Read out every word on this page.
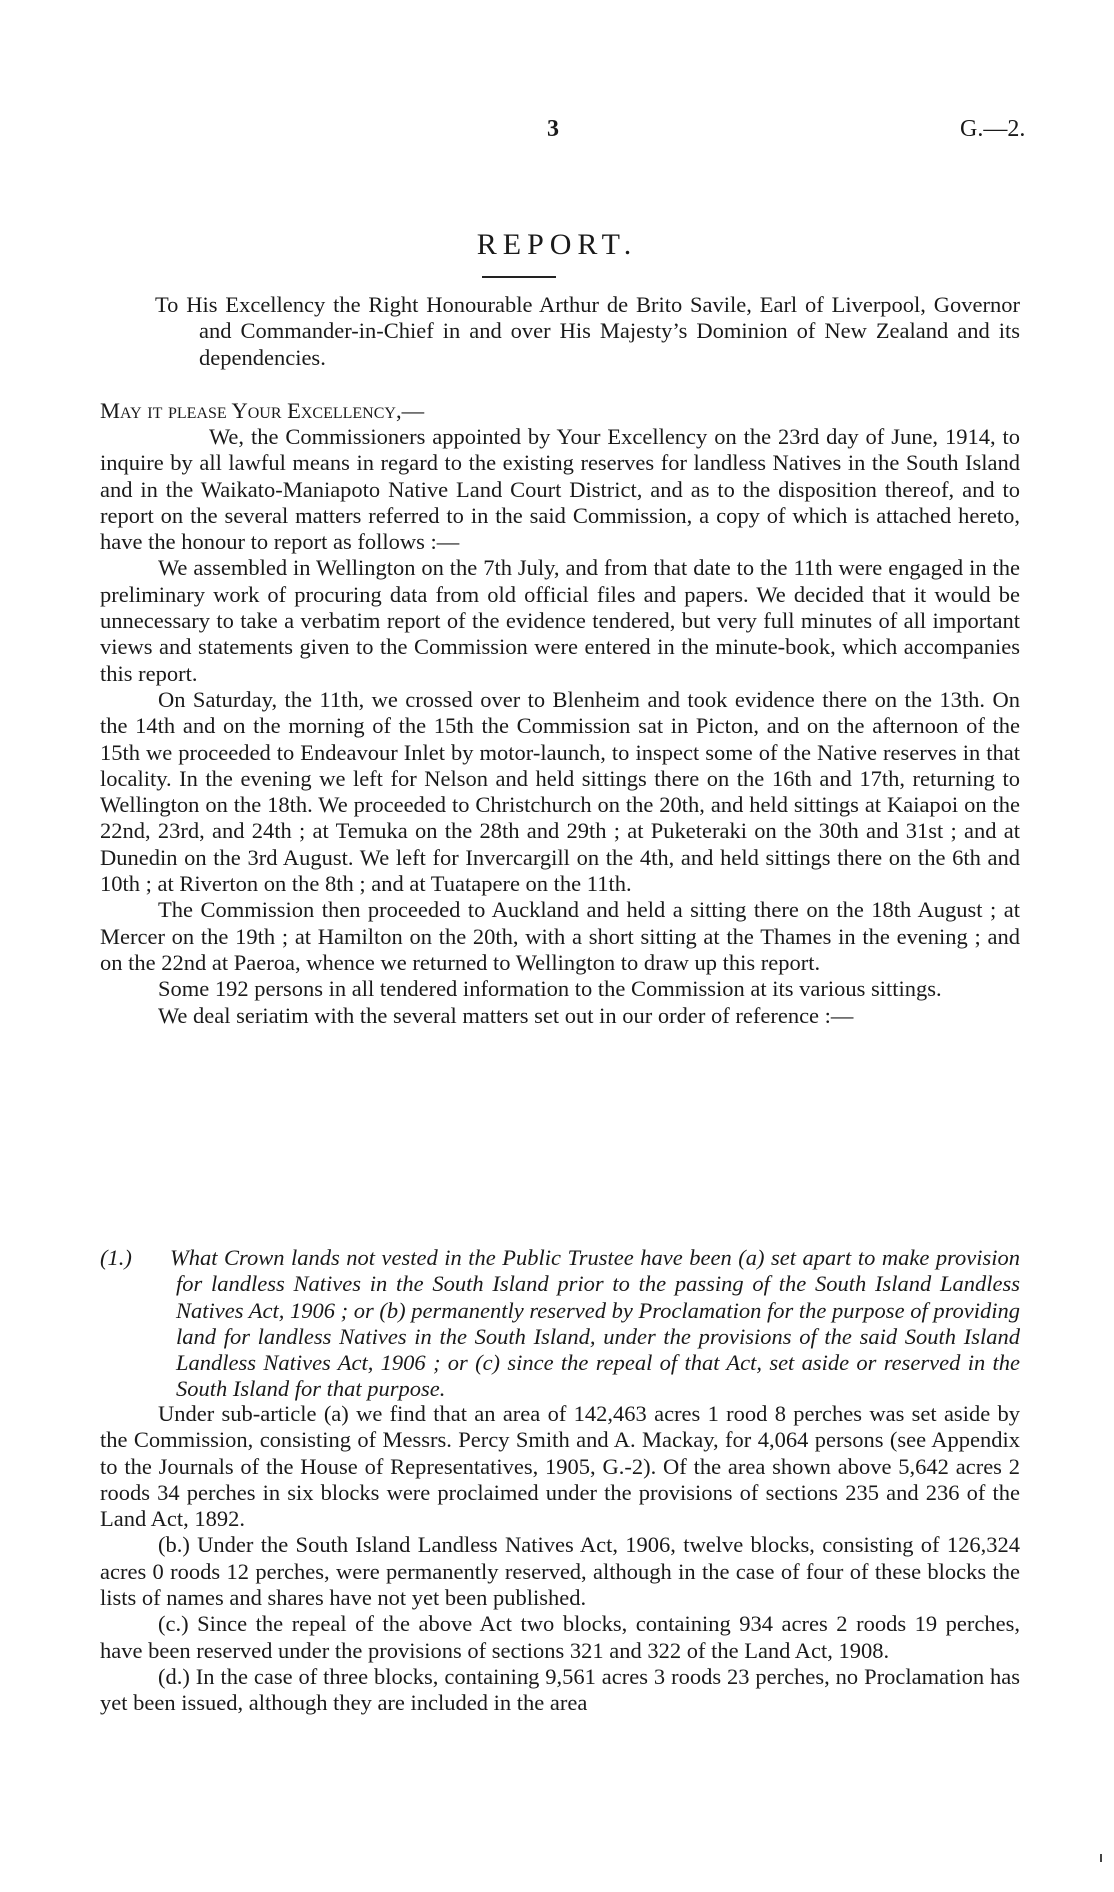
3	G.—2.
REPORT.

To His Excellency the Right Honourable Arthur de Brito Savile, Earl of Liverpool, Governor and Commander-in-Chief in and over His Majesty’s Dominion of New Zealand and its dependencies.

May it please Your Excellency,—

We, the Commissioners appointed by Your Excellency on the 23rd day of June, 1914, to inquire by all lawful means in regard to the existing reserves for landless Natives in the South Island and in the Waikato-Maniapoto Native Land Court District, and as to the disposition thereof, and to report on the several matters referred to in the said Commission, a copy of which is attached hereto, have the honour to report as follows :—

We assembled in Wellington on the 7th July, and from that date to the 11th were engaged in the preliminary work of procuring data from old official files and papers. We decided that it would be unnecessary to take a verbatim report of the evidence tendered, but very full minutes of all important views and statements given to the Commission were entered in the minute-book, which accompanies this report.

On Saturday, the 11th, we crossed over to Blenheim and took evidence there on the 13th. On the 14th and on the morning of the 15th the Commission sat in Picton, and on the afternoon of the 15th we proceeded to Endeavour Inlet by motor-launch, to inspect some of the Native reserves in that locality. In the evening we left for Nelson and held sittings there on the 16th and 17th, returning to Wellington on the 18th. We proceeded to Christchurch on the 20th, and held sittings at Kaiapoi on the 22nd, 23rd, and 24th ; at Temuka on the 28th and 29th ; at Puketeraki on the 30th and 31st ; and at Dunedin on the 3rd August. We left for Invercargill on the 4th, and held sittings there on the 6th and 10th ; at Riverton on the 8th ; and at Tuatapere on the 11th.

The Commission then proceeded to Auckland and held a sitting there on the 18th August ; at Mercer on the 19th ; at Hamilton on the 20th, with a short sitting at the Thames in the evening ; and on the 22nd at Paeroa, whence we returned to Wellington to draw up this report.

Some 192 persons in all tendered information to the Commission at its various sittings.

We deal seriatim with the several matters set out in our order of reference :—

(1.) What Crown lands not vested in the Public Trustee have been (a) set apart to make provision for landless Natives in the South Island prior to the passing of the South Island Landless Natives Act, 1906 ; or (b) permanently reserved by Proclamation for the purpose of providing land for landless Natives in the South Island, under the provisions of the said South Island Landless Natives Act, 1906 ; or (c) since the repeal of that Act, set aside or reserved in the South Island for that purpose.

Under sub-article (a) we find that an area of 142,463 acres 1 rood 8 perches was set aside by the Commission, consisting of Messrs. Percy Smith and A. Mackay, for 4,064 persons (see Appendix to the Journals of the House of Representatives, 1905, G.-2). Of the area shown above 5,642 acres 2 roods 34 perches in six blocks were proclaimed under the provisions of sections 235 and 236 of the Land Act, 1892.

(b.) Under the South Island Landless Natives Act, 1906, twelve blocks, consisting of 126,324 acres 0 roods 12 perches, were permanently reserved, although in the case of four of these blocks the lists of names and shares have not yet been published.

(c.) Since the repeal of the above Act two blocks, containing 934 acres 2 roods 19 perches, have been reserved under the provisions of sections 321 and 322 of the Land Act, 1908.

(d.) In the case of three blocks, containing 9,561 acres 3 roods 23 perches, no Proclamation has yet been issued, although they are included in the area
